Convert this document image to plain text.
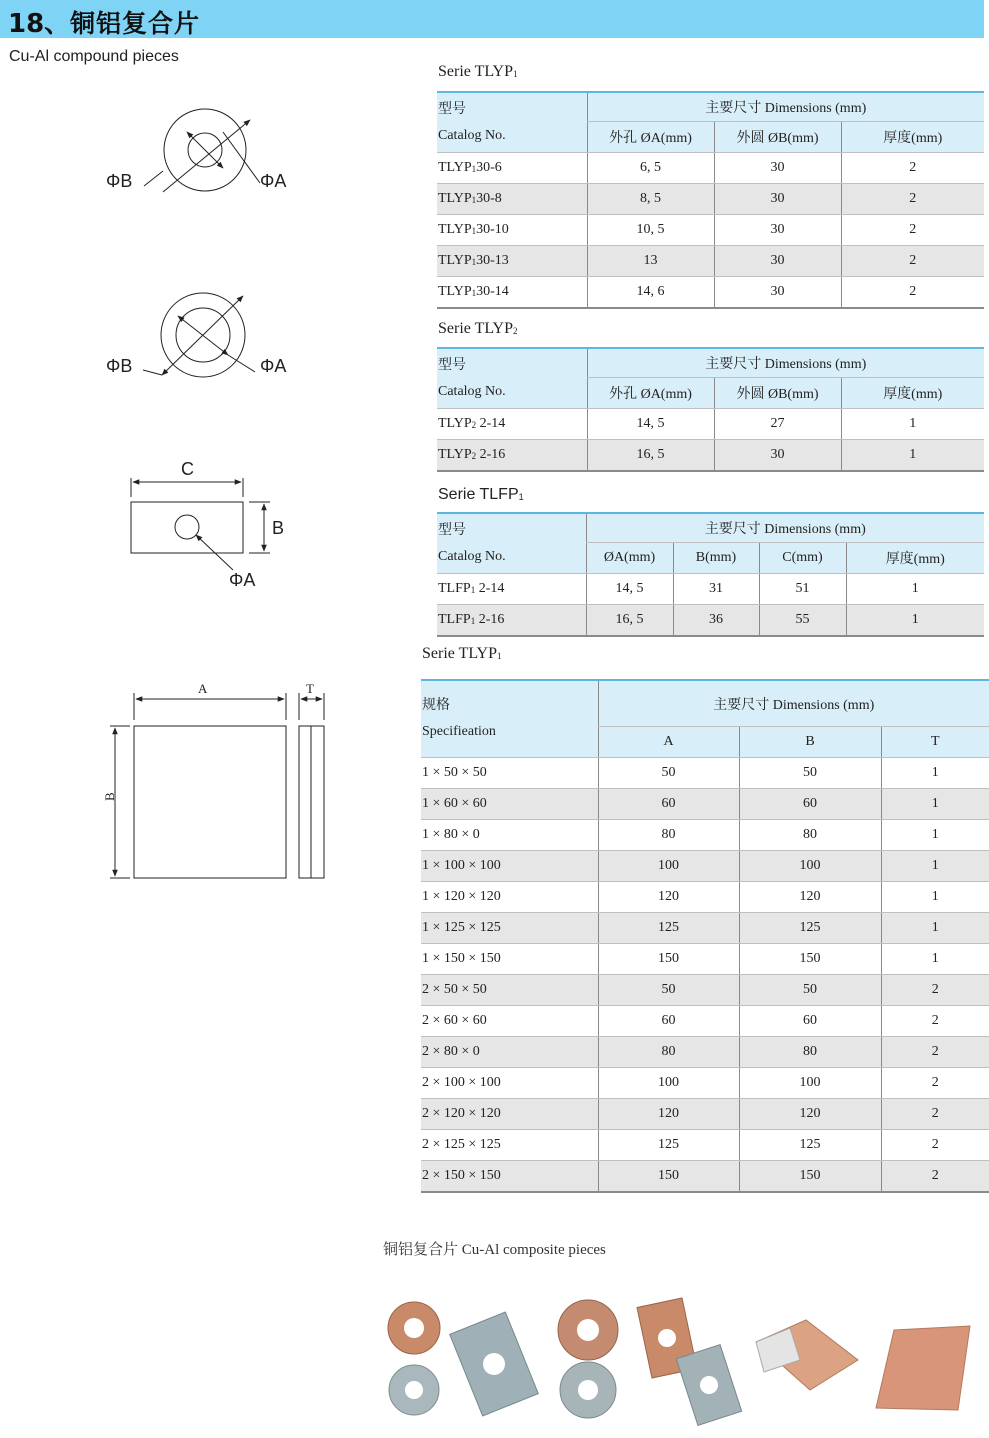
18、 铜铝复合片
Cu-Al compound pieces
ΦB	ΦA
ΦB	ΦA
C
B
ΦA
A	T
B
Serie $TLYP_1$
型号
Catalog No.	主要尺寸 Dimensions (mm)		
	外孔 ØA(mm)	外圆 ØB(mm)	厚度(mm)
$TLYP_130-6$	6, 5	30	2
$TLYP_130-8$	8, 5	30	2
$TLYP_130-10$	10, 5	30	2
$TLYP_130-13$	13	30	2
$TLYP_130-14$	14, 6	30	2
Serie $TLYP_2$
型号
Catalog No.	主要尺寸 Dimensions (mm)		
	外孔 ØA(mm)	外圆 ØB(mm)	厚度(mm)
$TLYP_2$ 2-14	14, 5	27	1
$TLYP_2$ 2-16	16, 5	30	1
Serie $TLFP_1$
型号
Catalog No.	主要尺寸 Dimensions (mm)			
	ØA(mm)	B(mm)	C(mm)	厚度(mm)
$TLFP_1$ 2-14	14, 5	31	51	1
$TLFP_1$ 2-16	16, 5	36	55	1
Serie $TLYP_1$
规格
Specifieation	主要尺寸 Dimensions (mm)		
	A	B	T
1 × 50 × 50	50	50	1
1 × 60 × 60	60	60	1
1 × 80 × 0	80	80	1
1 × 100 × 100	100	100	1
1 × 120 × 120	120	120	1
1 × 125 × 125	125	125	1
1 × 150 × 150	150	150	1
2 × 50 × 50	50	50	2
2 × 60 × 60	60	60	2
2 × 80 × 0	80	80	2
2 × 100 × 100	100	100	2
2 × 120 × 120	120	120	2
2 × 125 × 125	125	125	2
2 × 150 × 150	150	150	2
铜铝复合片 Cu-Al composite pieces
